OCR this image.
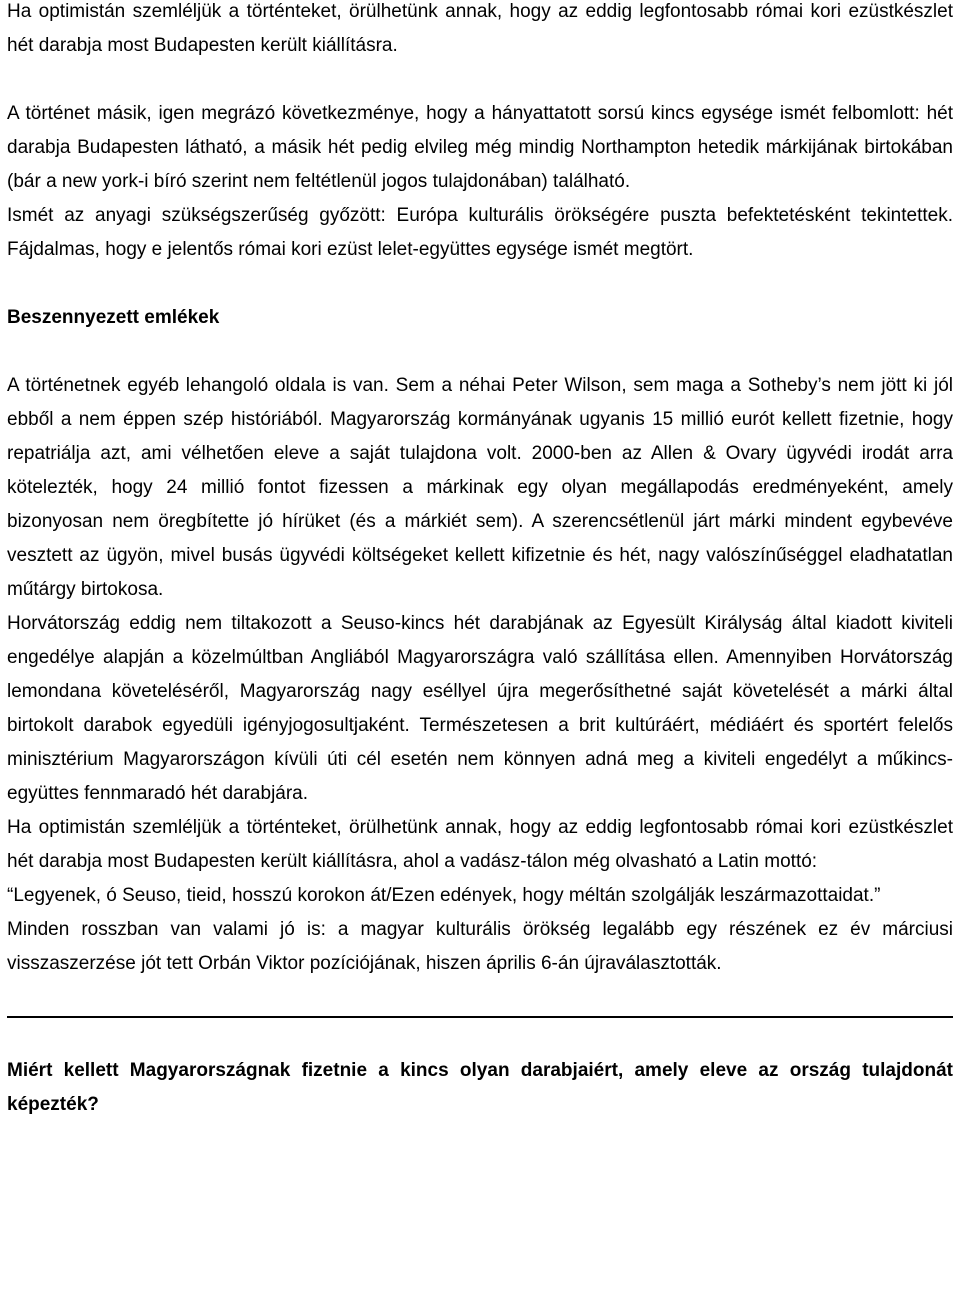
Ha optimistán szemléljük a történteket, örülhetünk annak, hogy az eddig legfontosabb római kori ezüstkészlet hét darabja most Budapesten került kiállításra.

A történet másik, igen megrázó következménye, hogy a hányattatott sorsú kincs egysége ismét felbomlott: hét darabja Budapesten látható, a másik hét pedig elvileg még mindig Northampton hetedik márkijának birtokában (bár a new york-i bíró szerint nem feltétlenül jogos tulajdonában) található.

Ismét az anyagi szükségszerűség győzött: Európa kulturális örökségére puszta befektetésként tekintettek. Fájdalmas, hogy e jelentős római kori ezüst lelet-együttes egysége ismét megtört.

Beszennyezett emlékek

A történetnek egyéb lehangoló oldala is van. Sem a néhai Peter Wilson, sem maga a Sotheby’s nem jött ki jól ebből a nem éppen szép históriából. Magyarország kormányának ugyanis 15 millió eurót kellett fizetnie, hogy repatriálja azt, ami vélhetően eleve a saját tulajdona volt. 2000-ben az Allen & Ovary ügyvédi irodát arra kötelezték, hogy 24 millió fontot fizessen a márkinak egy olyan megállapodás eredményeként, amely bizonyosan nem öregbítette jó hírüket (és a márkiét sem). A szerencsétlenül járt márki mindent egybevéve vesztett az ügyön, mivel busás ügyvédi költségeket kellett kifizetnie és hét, nagy valószínűséggel eladhatatlan műtárgy birtokosa.

Horvátország eddig nem tiltakozott a Seuso-kincs hét darabjának az Egyesült Királyság által kiadott kiviteli engedélye alapján a közelmúltban Angliából Magyarországra való szállítása ellen. Amennyiben Horvátország lemondana követeléséről, Magyarország nagy eséllyel újra megerősíthetné saját követelését a márki által birtokolt darabok egyedüli igényjogosultjaként. Természetesen a brit kultúráért, médiáért és sportért felelős minisztérium Magyarországon kívüli úti cél esetén nem könnyen adná meg a kiviteli engedélyt a műkincs-együttes fennmaradó hét darabjára.

Ha optimistán szemléljük a történteket, örülhetünk annak, hogy az eddig legfontosabb római kori ezüstkészlet hét darabja most Budapesten került kiállításra, ahol a vadász-tálon még olvasható a Latin mottó:

“Legyenek, ó Seuso, tieid, hosszú korokon át/Ezen edények, hogy méltán szolgálják leszármazottaidat.”

Minden rosszban van valami jó is: a magyar kulturális örökség legalább egy részének ez év márciusi visszaszerzése jót tett Orbán Viktor pozíciójának, hiszen április 6-án újraválasztották.

Miért kellett Magyarországnak fizetnie a kincs olyan darabjaiért, amely eleve az ország tulajdonát képezték?
